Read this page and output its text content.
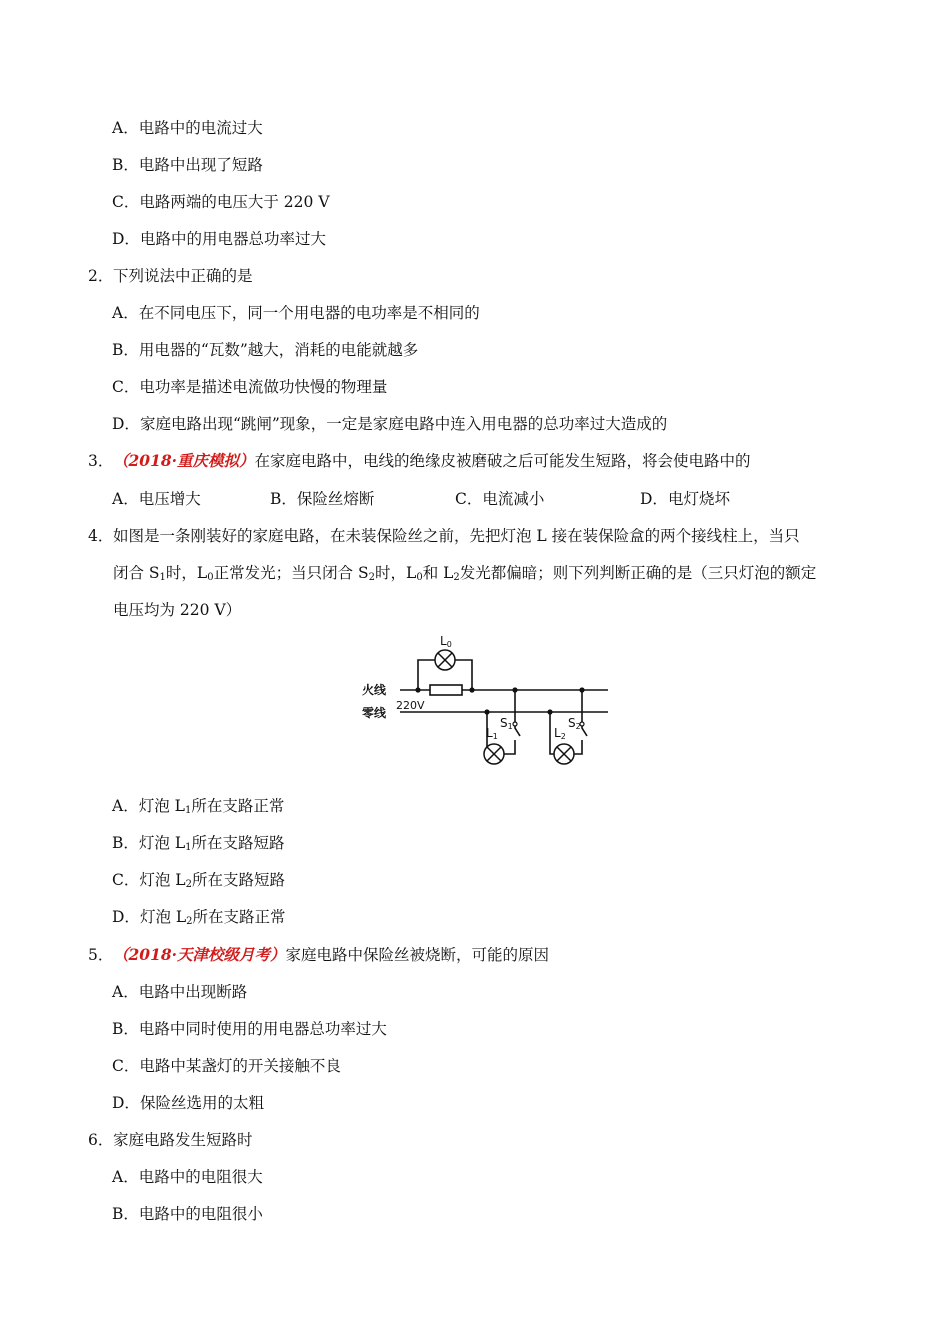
A．电路中的电流过大
B．电路中出现了短路
C．电路两端的电压大于 220 V
D．电路中的用电器总功率过大
2． 下列说法中正确的是
A．在不同电压下，同一个用电器的电功率是不相同的
B．用电器的“瓦数”越大，消耗的电能就越多
C．电功率是描述电流做功快慢的物理量
D．家庭电路出现“跳闸”现象，一定是家庭电路中连入用电器的总功率过大造成的
3． （2018·重庆模拟）在家庭电路中，电线的绝缘皮被磨破之后可能发生短路，将会使电路中的
A．电压增大	B．保险丝熔断	C．电流减小	D．电灯烧坏
4． 如图是一条刚装好的家庭电路，在未装保险丝之前，先把灯泡 L 接在装保险盒的两个接线柱上，当只
闭合 $S_1$时，$L_0$正常发光；当只闭合 $S_2$时，$L_0$和 $L_2$发光都偏暗；则下列判断正确的是（三只灯泡的额定
电压均为 220 V）
火线
零线
220V
L0
L1
S1	L2
S2
A．灯泡 $L_1$所在支路正常
B．灯泡 $L_1$所在支路短路
C．灯泡 $L_2$所在支路短路
D．灯泡 $L_2$所在支路正常
5． （2018·天津校级月考）家庭电路中保险丝被烧断，可能的原因
A．电路中出现断路
B．电路中同时使用的用电器总功率过大
C．电路中某盏灯的开关接触不良
D．保险丝选用的太粗
6． 家庭电路发生短路时
A．电路中的电阻很大
B．电路中的电阻很小
